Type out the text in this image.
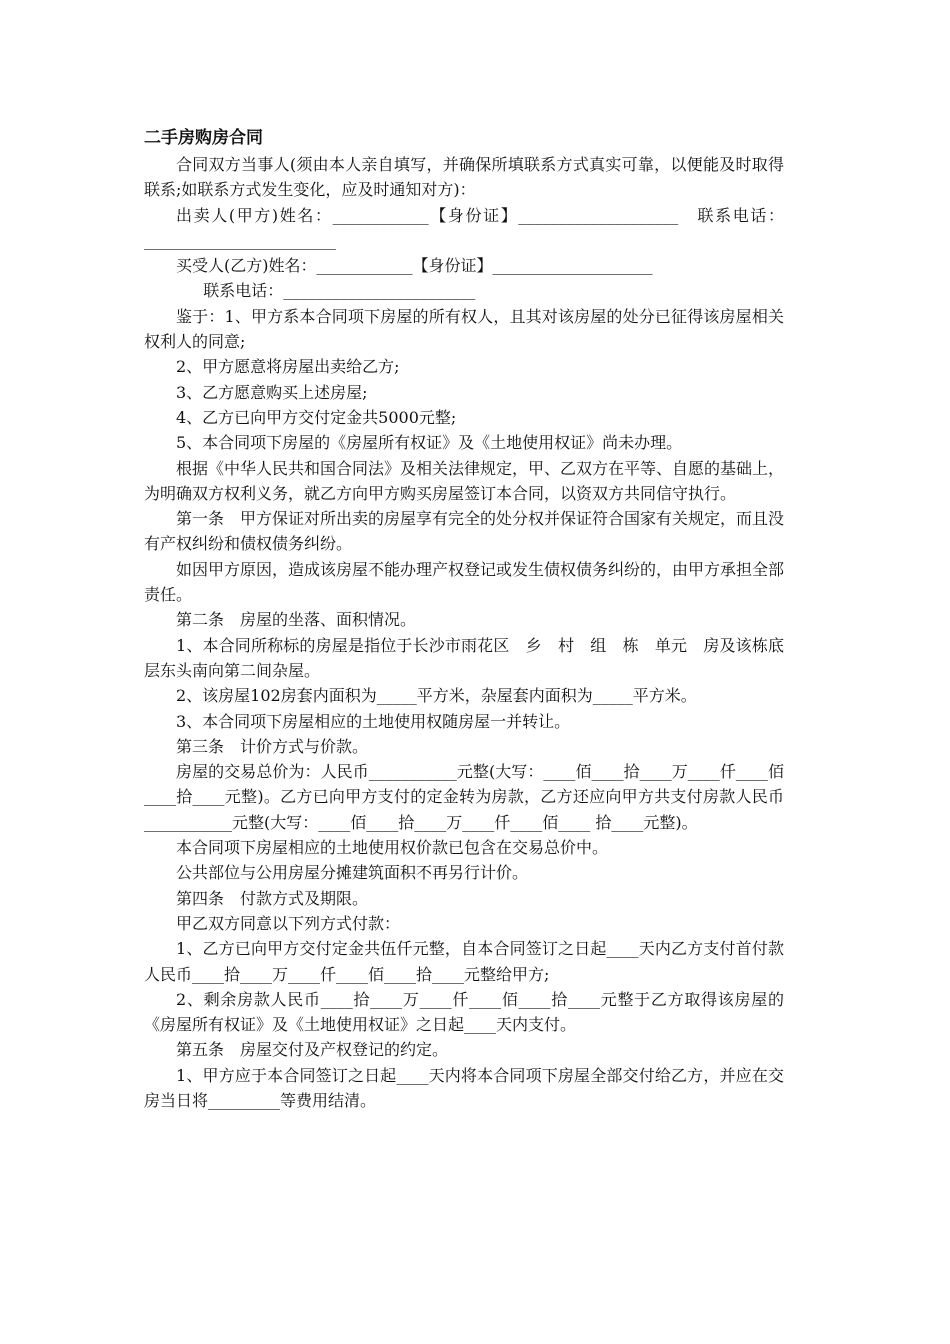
二手房购房合同

合同双方当事人(须由本人亲自填写，并确保所填联系方式真实可靠，以便能及时取得联系;如联系方式发生变化，应及时通知对方)：

出卖人(甲方)姓名：____________【身份证】____________________　联系电话：________________________

买受人(乙方)姓名：____________【身份证】____________________

联系电话：________________________

鉴于：1、甲方系本合同项下房屋的所有权人，且其对该房屋的处分已征得该房屋相关权利人的同意;

2、甲方愿意将房屋出卖给乙方;

3、乙方愿意购买上述房屋;

4、乙方已向甲方交付定金共5000元整;

5、本合同项下房屋的《房屋所有权证》及《土地使用权证》尚未办理。

根据《中华人民共和国合同法》及相关法律规定，甲、乙双方在平等、自愿的基础上，为明确双方权利义务，就乙方向甲方购买房屋签订本合同，以资双方共同信守执行。

第一条　甲方保证对所出卖的房屋享有完全的处分权并保证符合国家有关规定，而且没有产权纠纷和债权债务纠纷。

如因甲方原因，造成该房屋不能办理产权登记或发生债权债务纠纷的，由甲方承担全部责任。

第二条　房屋的坐落、面积情况。

1、本合同所称标的房屋是指位于长沙市雨花区　乡　村　组　栋　单元　房及该栋底层东头南向第二间杂屋。

2、该房屋102房套内面积为_____平方米，杂屋套内面积为_____平方米。

3、本合同项下房屋相应的土地使用权随房屋一并转让。

第三条　计价方式与价款。

房屋的交易总价为：人民币___________元整(大写：____佰____拾____万____仟____佰____拾____元整)。乙方已向甲方支付的定金转为房款，乙方还应向甲方共支付房款人民币___________元整(大写：____佰____拾____万____仟____佰____ 拾____元整)。

本合同项下房屋相应的土地使用权价款已包含在交易总价中。

公共部位与公用房屋分摊建筑面积不再另行计价。

第四条　付款方式及期限。

甲乙双方同意以下列方式付款：

1、乙方已向甲方交付定金共伍仟元整，自本合同签订之日起____天内乙方支付首付款人民币____拾____万____仟____佰____拾____元整给甲方;

2、剩余房款人民币____拾____万____仟____佰____拾____元整于乙方取得该房屋的《房屋所有权证》及《土地使用权证》之日起____天内支付。

第五条　房屋交付及产权登记的约定。

1、甲方应于本合同签订之日起____天内将本合同项下房屋全部交付给乙方，并应在交房当日将_________等费用结清。
